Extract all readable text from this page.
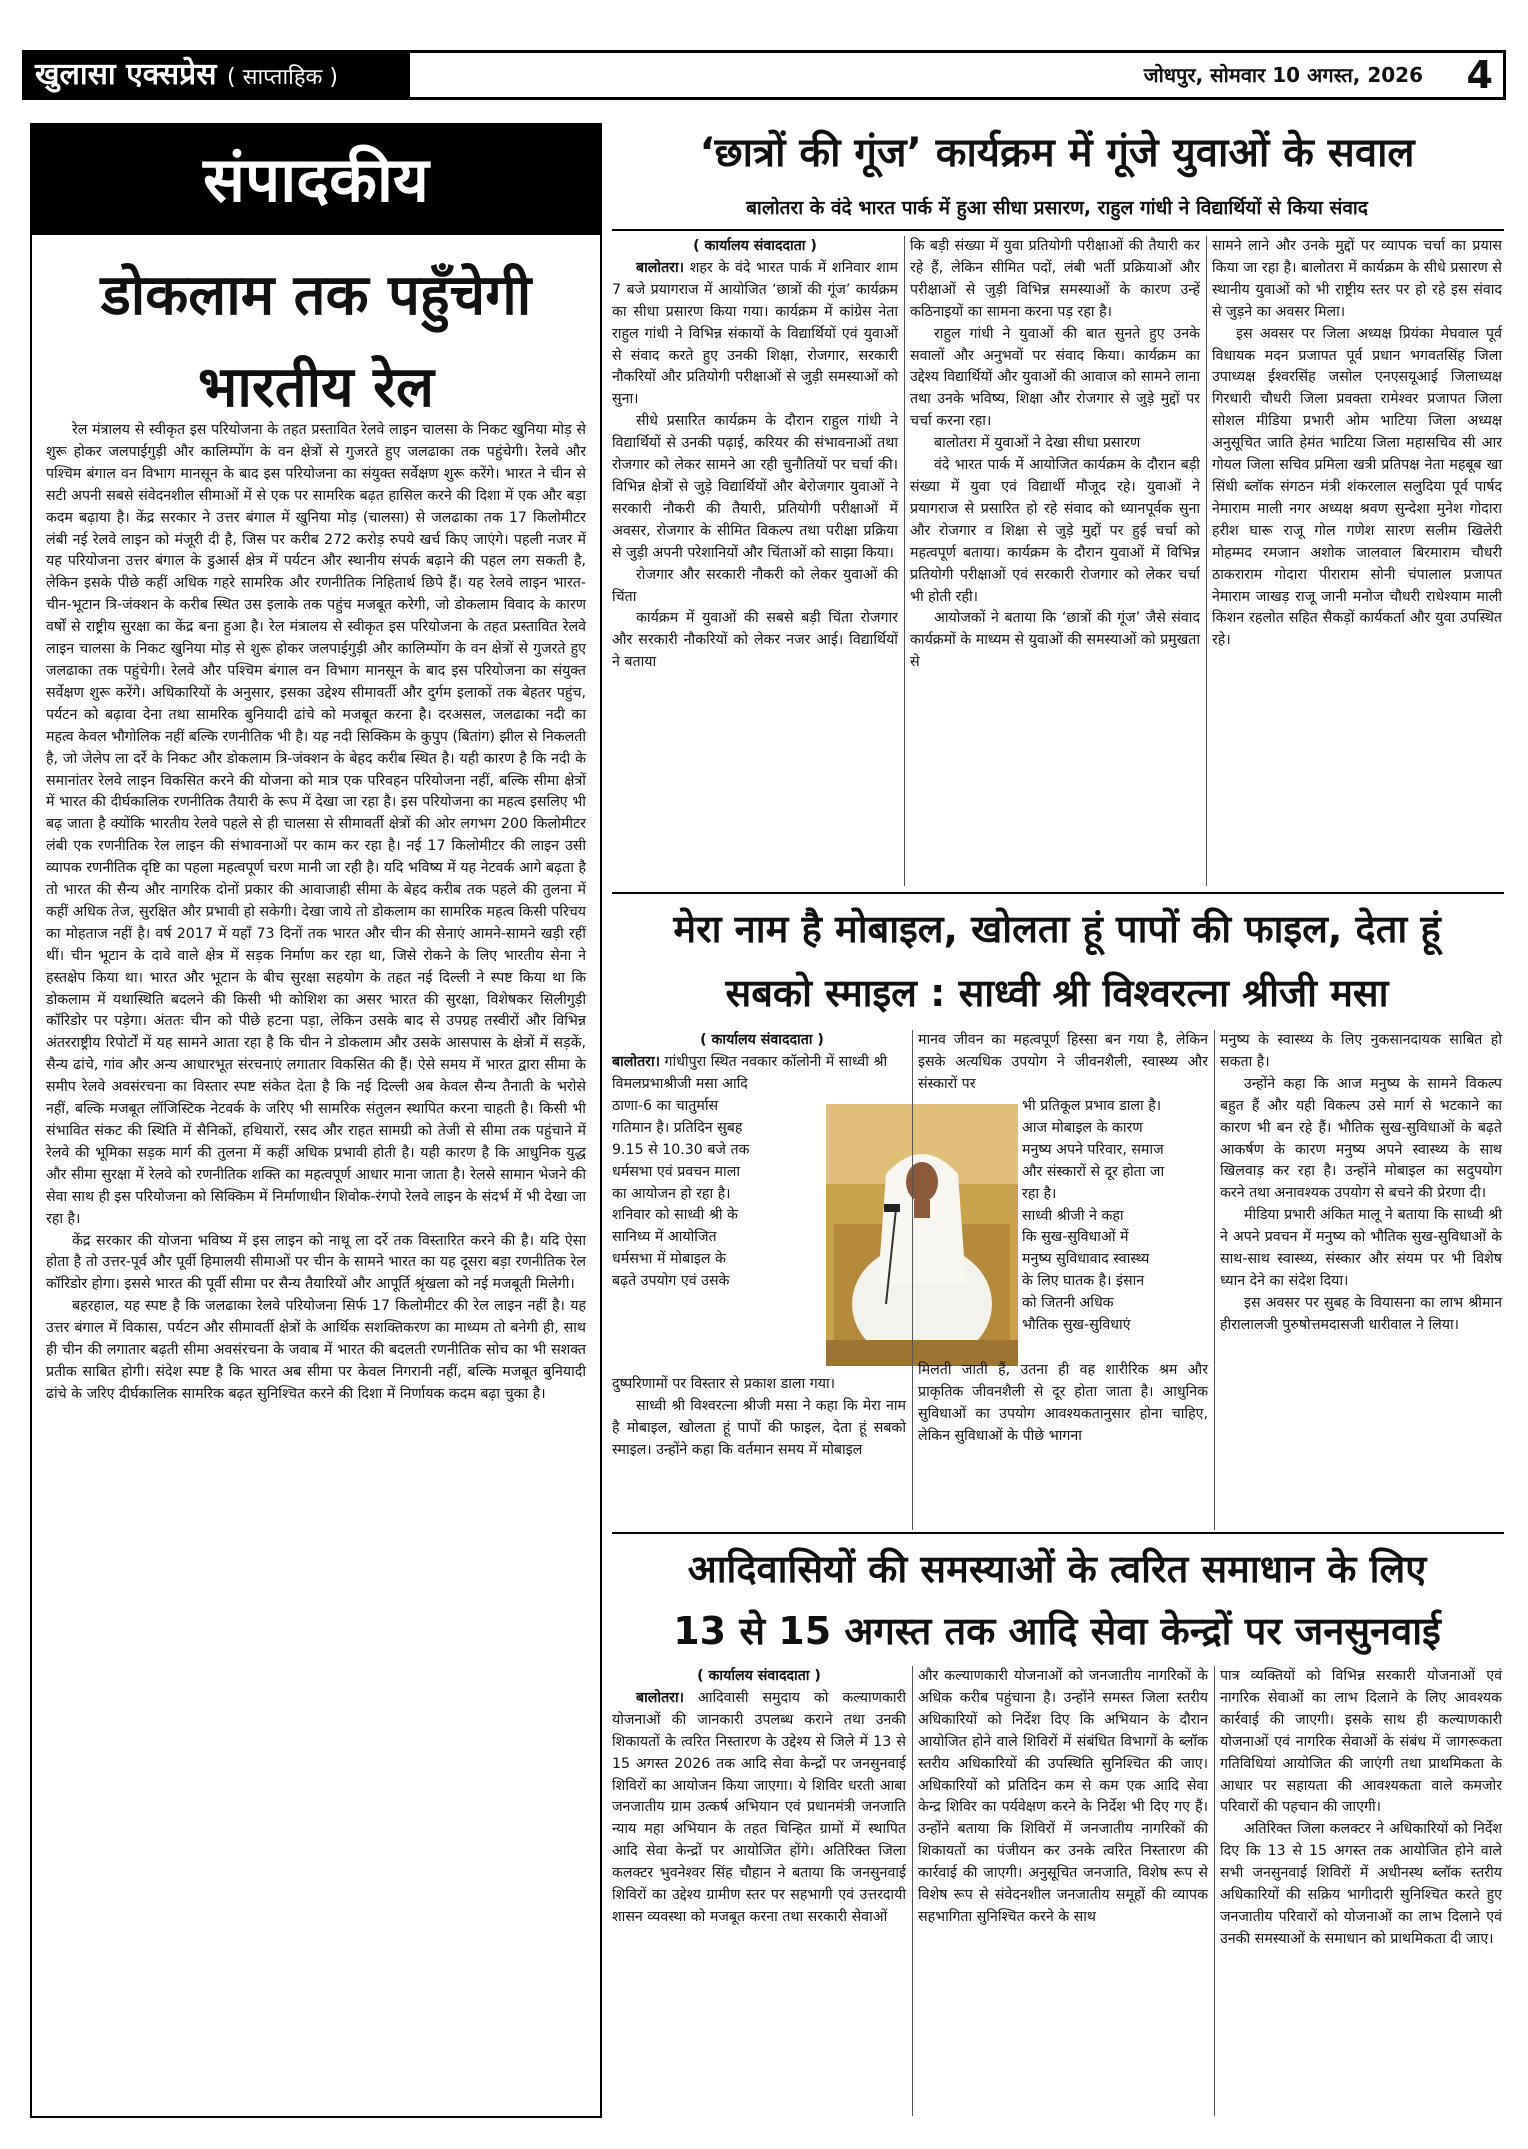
खुलासा एक्सप्रेस ( साप्ताहिक )	जोधपुर, सोमवार 10 अगस्त, 2026 4
संपादकीय
डोकलाम तक पहुँचेगी
भारतीय रेल

रेल मंत्रालय से स्वीकृत इस परियोजना के तहत प्रस्तावित रेलवे लाइन चालसा के निकट खुनिया मोड़ से शुरू होकर जलपाईगुड़ी और कालिम्पोंग के वन क्षेत्रों से गुजरते हुए जलढाका तक पहुंचेगी। रेलवे और पश्चिम बंगाल वन विभाग मानसून के बाद इस परियोजना का संयुक्त सर्वेक्षण शुरू करेंगे। भारत ने चीन से सटी अपनी सबसे संवेदनशील सीमाओं में से एक पर सामरिक बढ़त हासिल करने की दिशा में एक और बड़ा कदम बढ़ाया है। केंद्र सरकार ने उत्तर बंगाल में खुनिया मोड़ (चालसा) से जलढाका तक 17 किलोमीटर लंबी नई रेलवे लाइन को मंजूरी दी है, जिस पर करीब 272 करोड़ रुपये खर्च किए जाएंगे। पहली नजर में यह परियोजना उत्तर बंगाल के डुआर्स क्षेत्र में पर्यटन और स्थानीय संपर्क बढ़ाने की पहल लग सकती है, लेकिन इसके पीछे कहीं अधिक गहरे सामरिक और रणनीतिक निहितार्थ छिपे हैं। यह रेलवे लाइन भारत-चीन-भूटान त्रि-जंक्शन के करीब स्थित उस इलाके तक पहुंच मजबूत करेगी, जो डोकलाम विवाद के कारण वर्षों से राष्ट्रीय सुरक्षा का केंद्र बना हुआ है। रेल मंत्रालय से स्वीकृत इस परियोजना के तहत प्रस्तावित रेलवे लाइन चालसा के निकट खुनिया मोड़ से शुरू होकर जलपाईगुड़ी और कालिम्पोंग के वन क्षेत्रों से गुजरते हुए जलढाका तक पहुंचेगी। रेलवे और पश्चिम बंगाल वन विभाग मानसून के बाद इस परियोजना का संयुक्त सर्वेक्षण शुरू करेंगे। अधिकारियों के अनुसार, इसका उद्देश्य सीमावर्ती और दुर्गम इलाकों तक बेहतर पहुंच, पर्यटन को बढ़ावा देना तथा सामरिक बुनियादी ढांचे को मजबूत करना है। दरअसल, जलढाका नदी का महत्व केवल भौगोलिक नहीं बल्कि रणनीतिक भी है। यह नदी सिक्किम के कुपुप (बितांग) झील से निकलती है, जो जेलेप ला दर्रे के निकट और डोकलाम त्रि-जंक्शन के बेहद करीब स्थित है। यही कारण है कि नदी के समानांतर रेलवे लाइन विकसित करने की योजना को मात्र एक परिवहन परियोजना नहीं, बल्कि सीमा क्षेत्रों में भारत की दीर्घकालिक रणनीतिक तैयारी के रूप में देखा जा रहा है। इस परियोजना का महत्व इसलिए भी बढ़ जाता है क्योंकि भारतीय रेलवे पहले से ही चालसा से सीमावर्ती क्षेत्रों की ओर लगभग 200 किलोमीटर लंबी एक रणनीतिक रेल लाइन की संभावनाओं पर काम कर रहा है। नई 17 किलोमीटर की लाइन उसी व्यापक रणनीतिक दृष्टि का पहला महत्वपूर्ण चरण मानी जा रही है। यदि भविष्य में यह नेटवर्क आगे बढ़ता है तो भारत की सैन्य और नागरिक दोनों प्रकार की आवाजाही सीमा के बेहद करीब तक पहले की तुलना में कहीं अधिक तेज, सुरक्षित और प्रभावी हो सकेगी। देखा जाये तो डोकलाम का सामरिक महत्व किसी परिचय का मोहताज नहीं है। वर्ष 2017 में यहाँ 73 दिनों तक भारत और चीन की सेनाएं आमने-सामने खड़ी रहीं थीं। चीन भूटान के दावे वाले क्षेत्र में सड़क निर्माण कर रहा था, जिसे रोकने के लिए भारतीय सेना ने हस्तक्षेप किया था। भारत और भूटान के बीच सुरक्षा सहयोग के तहत नई दिल्ली ने स्पष्ट किया था कि डोकलाम में यथास्थिति बदलने की किसी भी कोशिश का असर भारत की सुरक्षा, विशेषकर सिलीगुड़ी कॉरिडोर पर पड़ेगा। अंततः चीन को पीछे हटना पड़ा, लेकिन उसके बाद से उपग्रह तस्वीरों और विभिन्न अंतरराष्ट्रीय रिपोर्टों में यह सामने आता रहा है कि चीन ने डोकलाम और उसके आसपास के क्षेत्रों में सड़कें, सैन्य ढांचे, गांव और अन्य आधारभूत संरचनाएं लगातार विकसित की हैं। ऐसे समय में भारत द्वारा सीमा के समीप रेलवे अवसंरचना का विस्तार स्पष्ट संकेत देता है कि नई दिल्ली अब केवल सैन्य तैनाती के भरोसे नहीं, बल्कि मजबूत लॉजिस्टिक नेटवर्क के जरिए भी सामरिक संतुलन स्थापित करना चाहती है। किसी भी संभावित संकट की स्थिति में सैनिकों, हथियारों, रसद और राहत सामग्री को तेजी से सीमा तक पहुंचाने में रेलवे की भूमिका सड़क मार्ग की तुलना में कहीं अधिक प्रभावी होती है। यही कारण है कि आधुनिक युद्ध और सीमा सुरक्षा में रेलवे को रणनीतिक शक्ति का महत्वपूर्ण आधार माना जाता है। रेलसे सामान भेजने की सेवा साथ ही इस परियोजना को सिक्किम में निर्माणाधीन शिवोक-रंगपो रेलवे लाइन के संदर्भ में भी देखा जा रहा है।

केंद्र सरकार की योजना भविष्य में इस लाइन को नाथू ला दर्रे तक विस्तारित करने की है। यदि ऐसा होता है तो उत्तर-पूर्व और पूर्वी हिमालयी सीमाओं पर चीन के सामने भारत का यह दूसरा बड़ा रणनीतिक रेल कॉरिडोर होगा। इससे भारत की पूर्वी सीमा पर सैन्य तैयारियों और आपूर्ति श्रृंखला को नई मजबूती मिलेगी।

बहरहाल, यह स्पष्ट है कि जलढाका रेलवे परियोजना सिर्फ 17 किलोमीटर की रेल लाइन नहीं है। यह उत्तर बंगाल में विकास, पर्यटन और सीमावर्ती क्षेत्रों के आर्थिक सशक्तिकरण का माध्यम तो बनेगी ही, साथ ही चीन की लगातार बढ़ती सीमा अवसंरचना के जवाब में भारत की बदलती रणनीतिक सोच का भी सशक्त प्रतीक साबित होगी। संदेश स्पष्ट है कि भारत अब सीमा पर केवल निगरानी नहीं, बल्कि मजबूत बुनियादी ढांचे के जरिए दीर्घकालिक सामरिक बढ़त सुनिश्चित करने की दिशा में निर्णायक कदम बढ़ा चुका है।

‘छात्रों की गूंज’ कार्यक्रम में गूंजे युवाओं के सवाल
बालोतरा के वंदे भारत पार्क में हुआ सीधा प्रसारण, राहुल गांधी ने विद्यार्थियों से किया संवाद
( कार्यालय संवाददाता )

बालोतरा। शहर के वंदे भारत पार्क में शनिवार शाम 7 बजे प्रयागराज में आयोजित ‘छात्रों की गूंज’ कार्यक्रम का सीधा प्रसारण किया गया। कार्यक्रम में कांग्रेस नेता राहुल गांधी ने विभिन्न संकायों के विद्यार्थियों एवं युवाओं से संवाद करते हुए उनकी शिक्षा, रोजगार, सरकारी नौकरियों और प्रतियोगी परीक्षाओं से जुड़ी समस्याओं को सुना।

सीधे प्रसारित कार्यक्रम के दौरान राहुल गांधी ने विद्यार्थियों से उनकी पढ़ाई, करियर की संभावनाओं तथा रोजगार को लेकर सामने आ रही चुनौतियों पर चर्चा की। विभिन्न क्षेत्रों से जुड़े विद्यार्थियों और बेरोजगार युवाओं ने सरकारी नौकरी की तैयारी, प्रतियोगी परीक्षाओं में अवसर, रोजगार के सीमित विकल्प तथा परीक्षा प्रक्रिया से जुड़ी अपनी परेशानियों और चिंताओं को साझा किया।

रोजगार और सरकारी नौकरी को लेकर युवाओं की चिंता

कार्यक्रम में युवाओं की सबसे बड़ी चिंता रोजगार और सरकारी नौकरियों को लेकर नजर आई। विद्यार्थियों ने बताया

कि बड़ी संख्या में युवा प्रतियोगी परीक्षाओं की तैयारी कर रहे हैं, लेकिन सीमित पदों, लंबी भर्ती प्रक्रियाओं और परीक्षाओं से जुड़ी विभिन्न समस्याओं के कारण उन्हें कठिनाइयों का सामना करना पड़ रहा है।

राहुल गांधी ने युवाओं की बात सुनते हुए उनके सवालों और अनुभवों पर संवाद किया। कार्यक्रम का उद्देश्य विद्यार्थियों और युवाओं की आवाज को सामने लाना तथा उनके भविष्य, शिक्षा और रोजगार से जुड़े मुद्दों पर चर्चा करना रहा।

बालोतरा में युवाओं ने देखा सीधा प्रसारण

वंदे भारत पार्क में आयोजित कार्यक्रम के दौरान बड़ी संख्या में युवा एवं विद्यार्थी मौजूद रहे। युवाओं ने प्रयागराज से प्रसारित हो रहे संवाद को ध्यानपूर्वक सुना और रोजगार व शिक्षा से जुड़े मुद्दों पर हुई चर्चा को महत्वपूर्ण बताया। कार्यक्रम के दौरान युवाओं में विभिन्न प्रतियोगी परीक्षाओं एवं सरकारी रोजगार को लेकर चर्चा भी होती रही।

आयोजकों ने बताया कि ‘छात्रों की गूंज’ जैसे संवाद कार्यक्रमों के माध्यम से युवाओं की समस्याओं को प्रमुखता से

सामने लाने और उनके मुद्दों पर व्यापक चर्चा का प्रयास किया जा रहा है। बालोतरा में कार्यक्रम के सीधे प्रसारण से स्थानीय युवाओं को भी राष्ट्रीय स्तर पर हो रहे इस संवाद से जुड़ने का अवसर मिला।

इस अवसर पर जिला अध्यक्ष प्रियंका मेघवाल पूर्व विधायक मदन प्रजापत पूर्व प्रधान भगवतसिंह जिला उपाध्यक्ष ईश्वरसिंह जसोल एनएसयूआई जिलाध्यक्ष गिरधारी चौधरी जिला प्रवक्ता रामेश्वर प्रजापत जिला सोशल मीडिया प्रभारी ओम भाटिया जिला अध्यक्ष अनुसूचित जाति हेमंत भाटिया जिला महासचिव सी आर गोयल जिला सचिव प्रमिला खत्री प्रतिपक्ष नेता महबूब खा सिंधी ब्लॉक संगठन मंत्री शंकरलाल सलुदिया पूर्व पार्षद नेमाराम माली नगर अध्यक्ष श्रवण सुन्देशा मुनेश गोदारा हरीश घारू राजू गोल गणेश सारण सलीम खिलेरी मोहम्मद रमजान अशोक जालवाल बिरमाराम चौधरी ठाकराराम गोदारा पीराराम सोनी चंपालाल प्रजापत नेमाराम जाखड़ राजू जानी मनोज चौधरी राधेश्याम माली किशन रहलोत सहित सैकड़ों कार्यकर्ता और युवा उपस्थित रहे।

मेरा नाम है मोबाइल, खोलता हूं पापों की फाइल, देता हूं
सबको स्माइल : साध्वी श्री विश्वरत्ना श्रीजी मसा
( कार्यालय संवाददाता )

बालोतरा। गांधीपुरा स्थित नवकार कॉलोनी में साध्वी श्री

विमलप्रभाश्रीजी मसा आदि

ठाणा-6 का चातुर्मास

गतिमान है। प्रतिदिन सुबह

9.15 से 10.30 बजे तक

धर्मसभा एवं प्रवचन माला

का आयोजन हो रहा है।

शनिवार को साध्वी श्री के

सानिध्य में आयोजित

धर्मसभा में मोबाइल के

बढ़ते उपयोग एवं उसके

दुष्परिणामों पर विस्तार से प्रकाश डाला गया।

साध्वी श्री विश्वरत्ना श्रीजी मसा ने कहा कि मेरा नाम है मोबाइल, खोलता हूं पापों की फाइल, देता हूं सबको स्माइल। उन्होंने कहा कि वर्तमान समय में मोबाइल

मानव जीवन का महत्वपूर्ण हिस्सा बन गया है, लेकिन इसके अत्यधिक उपयोग ने जीवनशैली, स्वास्थ्य और संस्कारों पर

भी प्रतिकूल प्रभाव डाला है।

आज मोबाइल के कारण

मनुष्य अपने परिवार, समाज

और संस्कारों से दूर होता जा

रहा है।

साध्वी श्रीजी ने कहा

कि सुख-सुविधाओं में

मनुष्य सुविधावाद स्वास्थ्य

के लिए घातक है। इंसान

को जितनी अधिक

भौतिक सुख-सुविधाएं

मिलती जाती हैं, उतना ही वह शारीरिक श्रम और प्राकृतिक जीवनशैली से दूर होता जाता है। आधुनिक सुविधाओं का उपयोग आवश्यकतानुसार होना चाहिए, लेकिन सुविधाओं के पीछे भागना

मनुष्य के स्वास्थ्य के लिए नुकसानदायक साबित हो सकता है।

उन्होंने कहा कि आज मनुष्य के सामने विकल्प बहुत हैं और यही विकल्प उसे मार्ग से भटकाने का कारण भी बन रहे हैं। भौतिक सुख-सुविधाओं के बढ़ते आकर्षण के कारण मनुष्य अपने स्वास्थ्य के साथ खिलवाड़ कर रहा है। उन्होंने मोबाइल का सदुपयोग करने तथा अनावश्यक उपयोग से बचने की प्रेरणा दी।

मीडिया प्रभारी अंकित मालू ने बताया कि साध्वी श्री ने अपने प्रवचन में मनुष्य को भौतिक सुख-सुविधाओं के साथ-साथ स्वास्थ्य, संस्कार और संयम पर भी विशेष ध्यान देने का संदेश दिया।

इस अवसर पर सुबह के वियासना का लाभ श्रीमान हीरालालजी पुरुषोत्तमदासजी धारीवाल ने लिया।

आदिवासियों की समस्याओं के त्वरित समाधान के लिए
13 से 15 अगस्त तक आदि सेवा केन्द्रों पर जनसुनवाई
( कार्यालय संवाददाता )

बालोतरा। आदिवासी समुदाय को कल्याणकारी योजनाओं की जानकारी उपलब्ध कराने तथा उनकी शिकायतों के त्वरित निस्तारण के उद्देश्य से जिले में 13 से 15 अगस्त 2026 तक आदि सेवा केन्द्रों पर जनसुनवाई शिविरों का आयोजन किया जाएगा। ये शिविर धरती आबा जनजातीय ग्राम उत्कर्ष अभियान एवं प्रधानमंत्री जनजाति न्याय महा अभियान के तहत चिन्हित ग्रामों में स्थापित आदि सेवा केन्द्रों पर आयोजित होंगे। अतिरिक्त जिला कलक्टर भुवनेश्वर सिंह चौहान ने बताया कि जनसुनवाई शिविरों का उद्देश्य ग्रामीण स्तर पर सहभागी एवं उत्तरदायी शासन व्यवस्था को मजबूत करना तथा सरकारी सेवाओं

और कल्याणकारी योजनाओं को जनजातीय नागरिकों के अधिक करीब पहुंचाना है। उन्होंने समस्त जिला स्तरीय अधिकारियों को निर्देश दिए कि अभियान के दौरान आयोजित होने वाले शिविरों में संबंधित विभागों के ब्लॉक स्तरीय अधिकारियों की उपस्थिति सुनिश्चित की जाए। अधिकारियों को प्रतिदिन कम से कम एक आदि सेवा केन्द्र शिविर का पर्यवेक्षण करने के निर्देश भी दिए गए हैं। उन्होंने बताया कि शिविरों में जनजातीय नागरिकों की शिकायतों का पंजीयन कर उनके त्वरित निस्तारण की कार्रवाई की जाएगी। अनुसूचित जनजाति, विशेष रूप से विशेष रूप से संवेदनशील जनजातीय समूहों की व्यापक सहभागिता सुनिश्चित करने के साथ

पात्र व्यक्तियों को विभिन्न सरकारी योजनाओं एवं नागरिक सेवाओं का लाभ दिलाने के लिए आवश्यक कार्रवाई की जाएगी। इसके साथ ही कल्याणकारी योजनाओं एवं नागरिक सेवाओं के संबंध में जागरूकता गतिविधियां आयोजित की जाएंगी तथा प्राथमिकता के आधार पर सहायता की आवश्यकता वाले कमजोर परिवारों की पहचान की जाएगी।

अतिरिक्त जिला कलक्टर ने अधिकारियों को निर्देश दिए कि 13 से 15 अगस्त तक आयोजित होने वाले सभी जनसुनवाई शिविरों में अधीनस्थ ब्लॉक स्तरीय अधिकारियों की सक्रिय भागीदारी सुनिश्चित करते हुए जनजातीय परिवारों को योजनाओं का लाभ दिलाने एवं उनकी समस्याओं के समाधान को प्राथमिकता दी जाए।
